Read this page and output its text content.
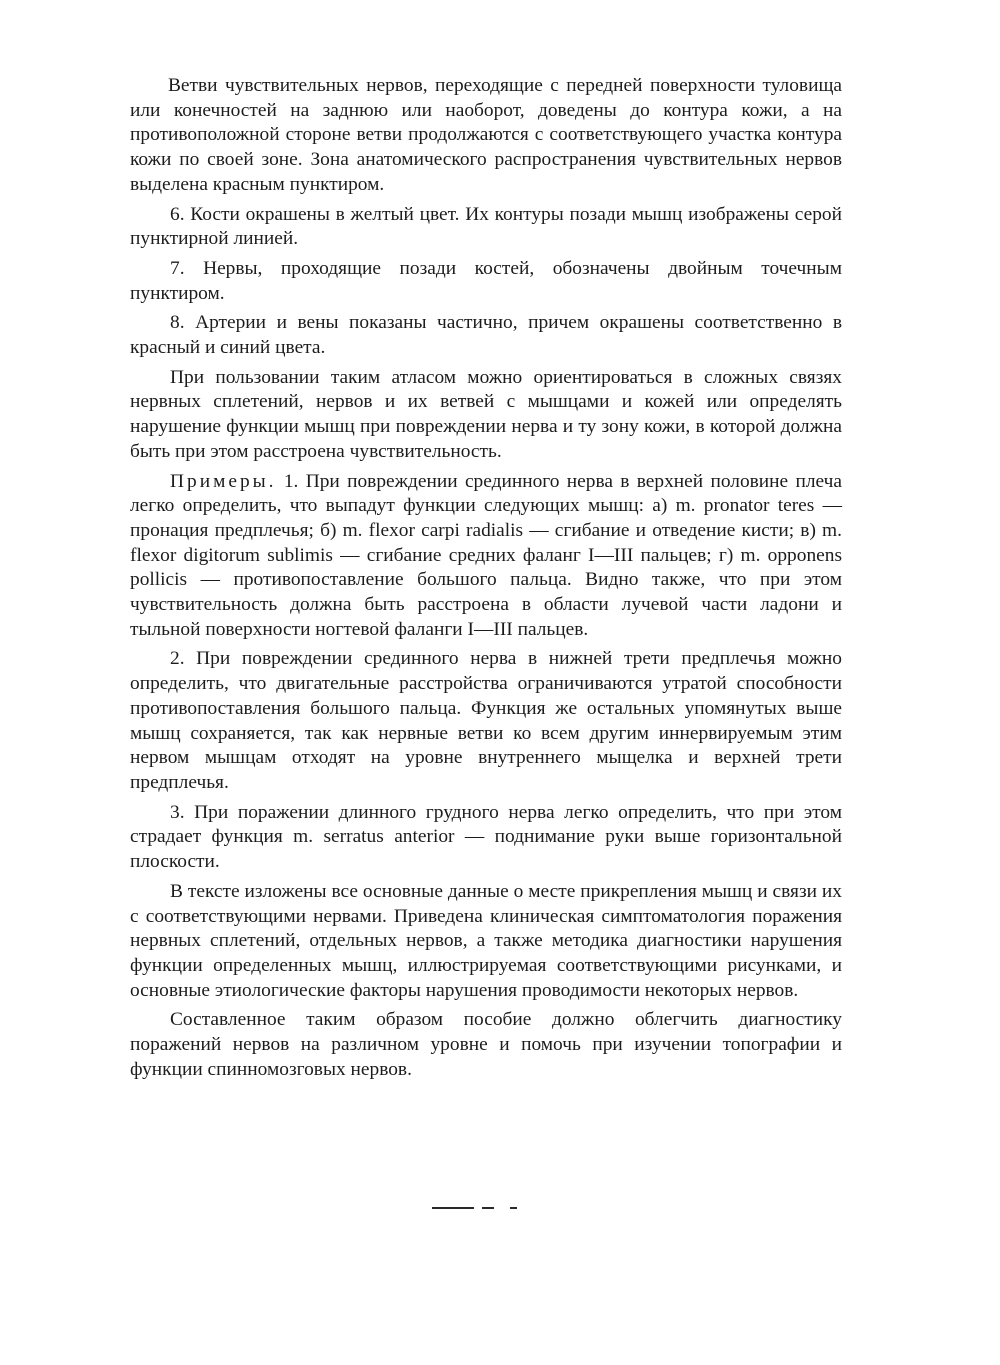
Ветви чувствительных нервов, переходящие с передней поверхности туловища или конечностей на заднюю или наоборот, доведены до контура кожи, а на противоположной стороне ветви продолжаются с соответствующего участка контура кожи по своей зоне. Зона анатомического распространения чувствительных нервов выделена красным пунктиром.

6. Кости окрашены в желтый цвет. Их контуры позади мышц изображены серой пунктирной линией.

7. Нервы, проходящие позади костей, обозначены двойным точечным пунктиром.

8. Артерии и вены показаны частично, причем окрашены соответственно в красный и синий цвета.

При пользовании таким атласом можно ориентироваться в сложных связях нервных сплетений, нервов и их ветвей с мышцами и кожей или определять нарушение функции мышц при повреждении нерва и ту зону кожи, в которой должна быть при этом расстроена чувствительность.

Примеры. 1. При повреждении срединного нерва в верхней половине плеча легко определить, что выпадут функции следующих мышц: а) m. pronator teres — пронация предплечья; б) m. flexor carpi radialis — сгибание и отведение кисти; в) m. flexor digitorum sublimis — сгибание средних фаланг I—III пальцев; г) m. opponens pollicis — противопоставление большого пальца. Видно также, что при этом чувствительность должна быть расстроена в области лучевой части ладони и тыльной поверхности ногтевой фаланги I—III пальцев.

2. При повреждении срединного нерва в нижней трети предплечья можно определить, что двигательные расстройства ограничиваются утратой способности противопоставления большого пальца. Функция же остальных упомянутых выше мышц сохраняется, так как нервные ветви ко всем другим иннервируемым этим нервом мышцам отходят на уровне внутреннего мыщелка и верхней трети предплечья.

3. При поражении длинного грудного нерва легко определить, что при этом страдает функция m. serratus anterior — поднимание руки выше горизонтальной плоскости.

В тексте изложены все основные данные о месте прикрепления мышц и связи их с соответствующими нервами. Приведена клиническая симптоматология поражения нервных сплетений, отдельных нервов, а также методика диагностики нарушения функции определенных мышц, иллюстрируемая соответствующими рисунками, и основные этиологические факторы нарушения проводимости некоторых нервов.

Составленное таким образом пособие должно облегчить диагностику поражений нервов на различном уровне и помочь при изучении топографии и функции спинномозговых нервов.
